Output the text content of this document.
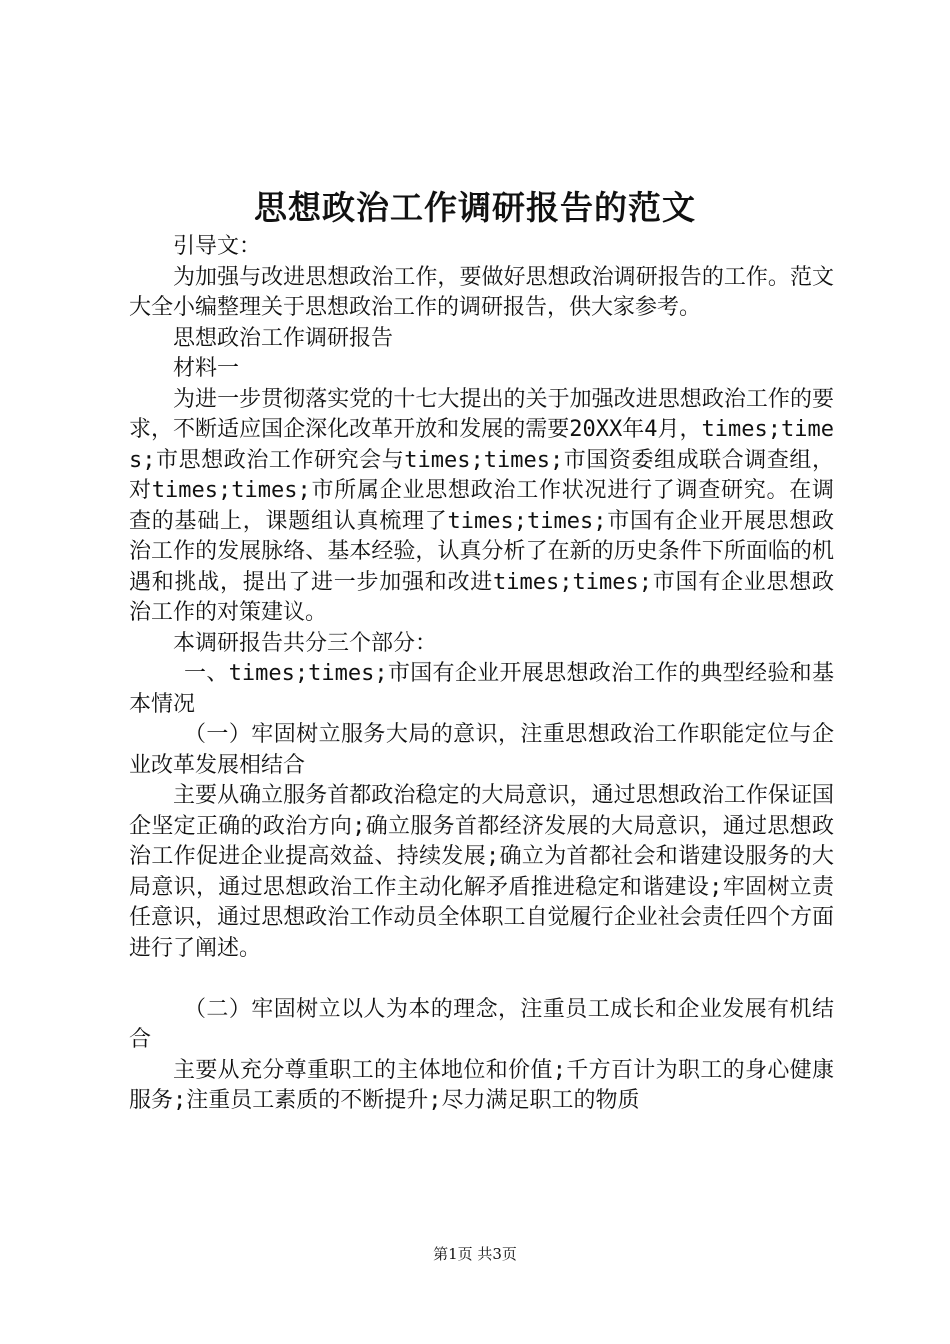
思想政治工作调研报告的范文

引导文：

为加强与改进思想政治工作，要做好思想政治调研报告的工作。范文大全小编整理关于思想政治工作的调研报告，供大家参考。

思想政治工作调研报告

材料一

为进一步贯彻落实党的十七大提出的关于加强改进思想政治工作的要求，不断适应国企深化改革开放和发展的需要20XX年4月，times;times;市思想政治工作研究会与times;times;市国资委组成联合调查组，对times;times;市所属企业思想政治工作状况进行了调查研究。在调查的基础上，课题组认真梳理了times;times;市国有企业开展思想政治工作的发展脉络、基本经验，认真分析了在新的历史条件下所面临的机遇和挑战，提出了进一步加强和改进times;times;市国有企业思想政治工作的对策建议。

本调研报告共分三个部分：

一、times;times;市国有企业开展思想政治工作的典型经验和基本情况

（一）牢固树立服务大局的意识，注重思想政治工作职能定位与企业改革发展相结合

主要从确立服务首都政治稳定的大局意识，通过思想政治工作保证国企坚定正确的政治方向;确立服务首都经济发展的大局意识，通过思想政治工作促进企业提高效益、持续发展;确立为首都社会和谐建设服务的大局意识，通过思想政治工作主动化解矛盾推进稳定和谐建设;牢固树立责任意识，通过思想政治工作动员全体职工自觉履行企业社会责任四个方面进行了阐述。

（二）牢固树立以人为本的理念，注重员工成长和企业发展有机结合

主要从充分尊重职工的主体地位和价值;千方百计为职工的身心健康服务;注重员工素质的不断提升;尽力满足职工的物质

第1页 共3页
